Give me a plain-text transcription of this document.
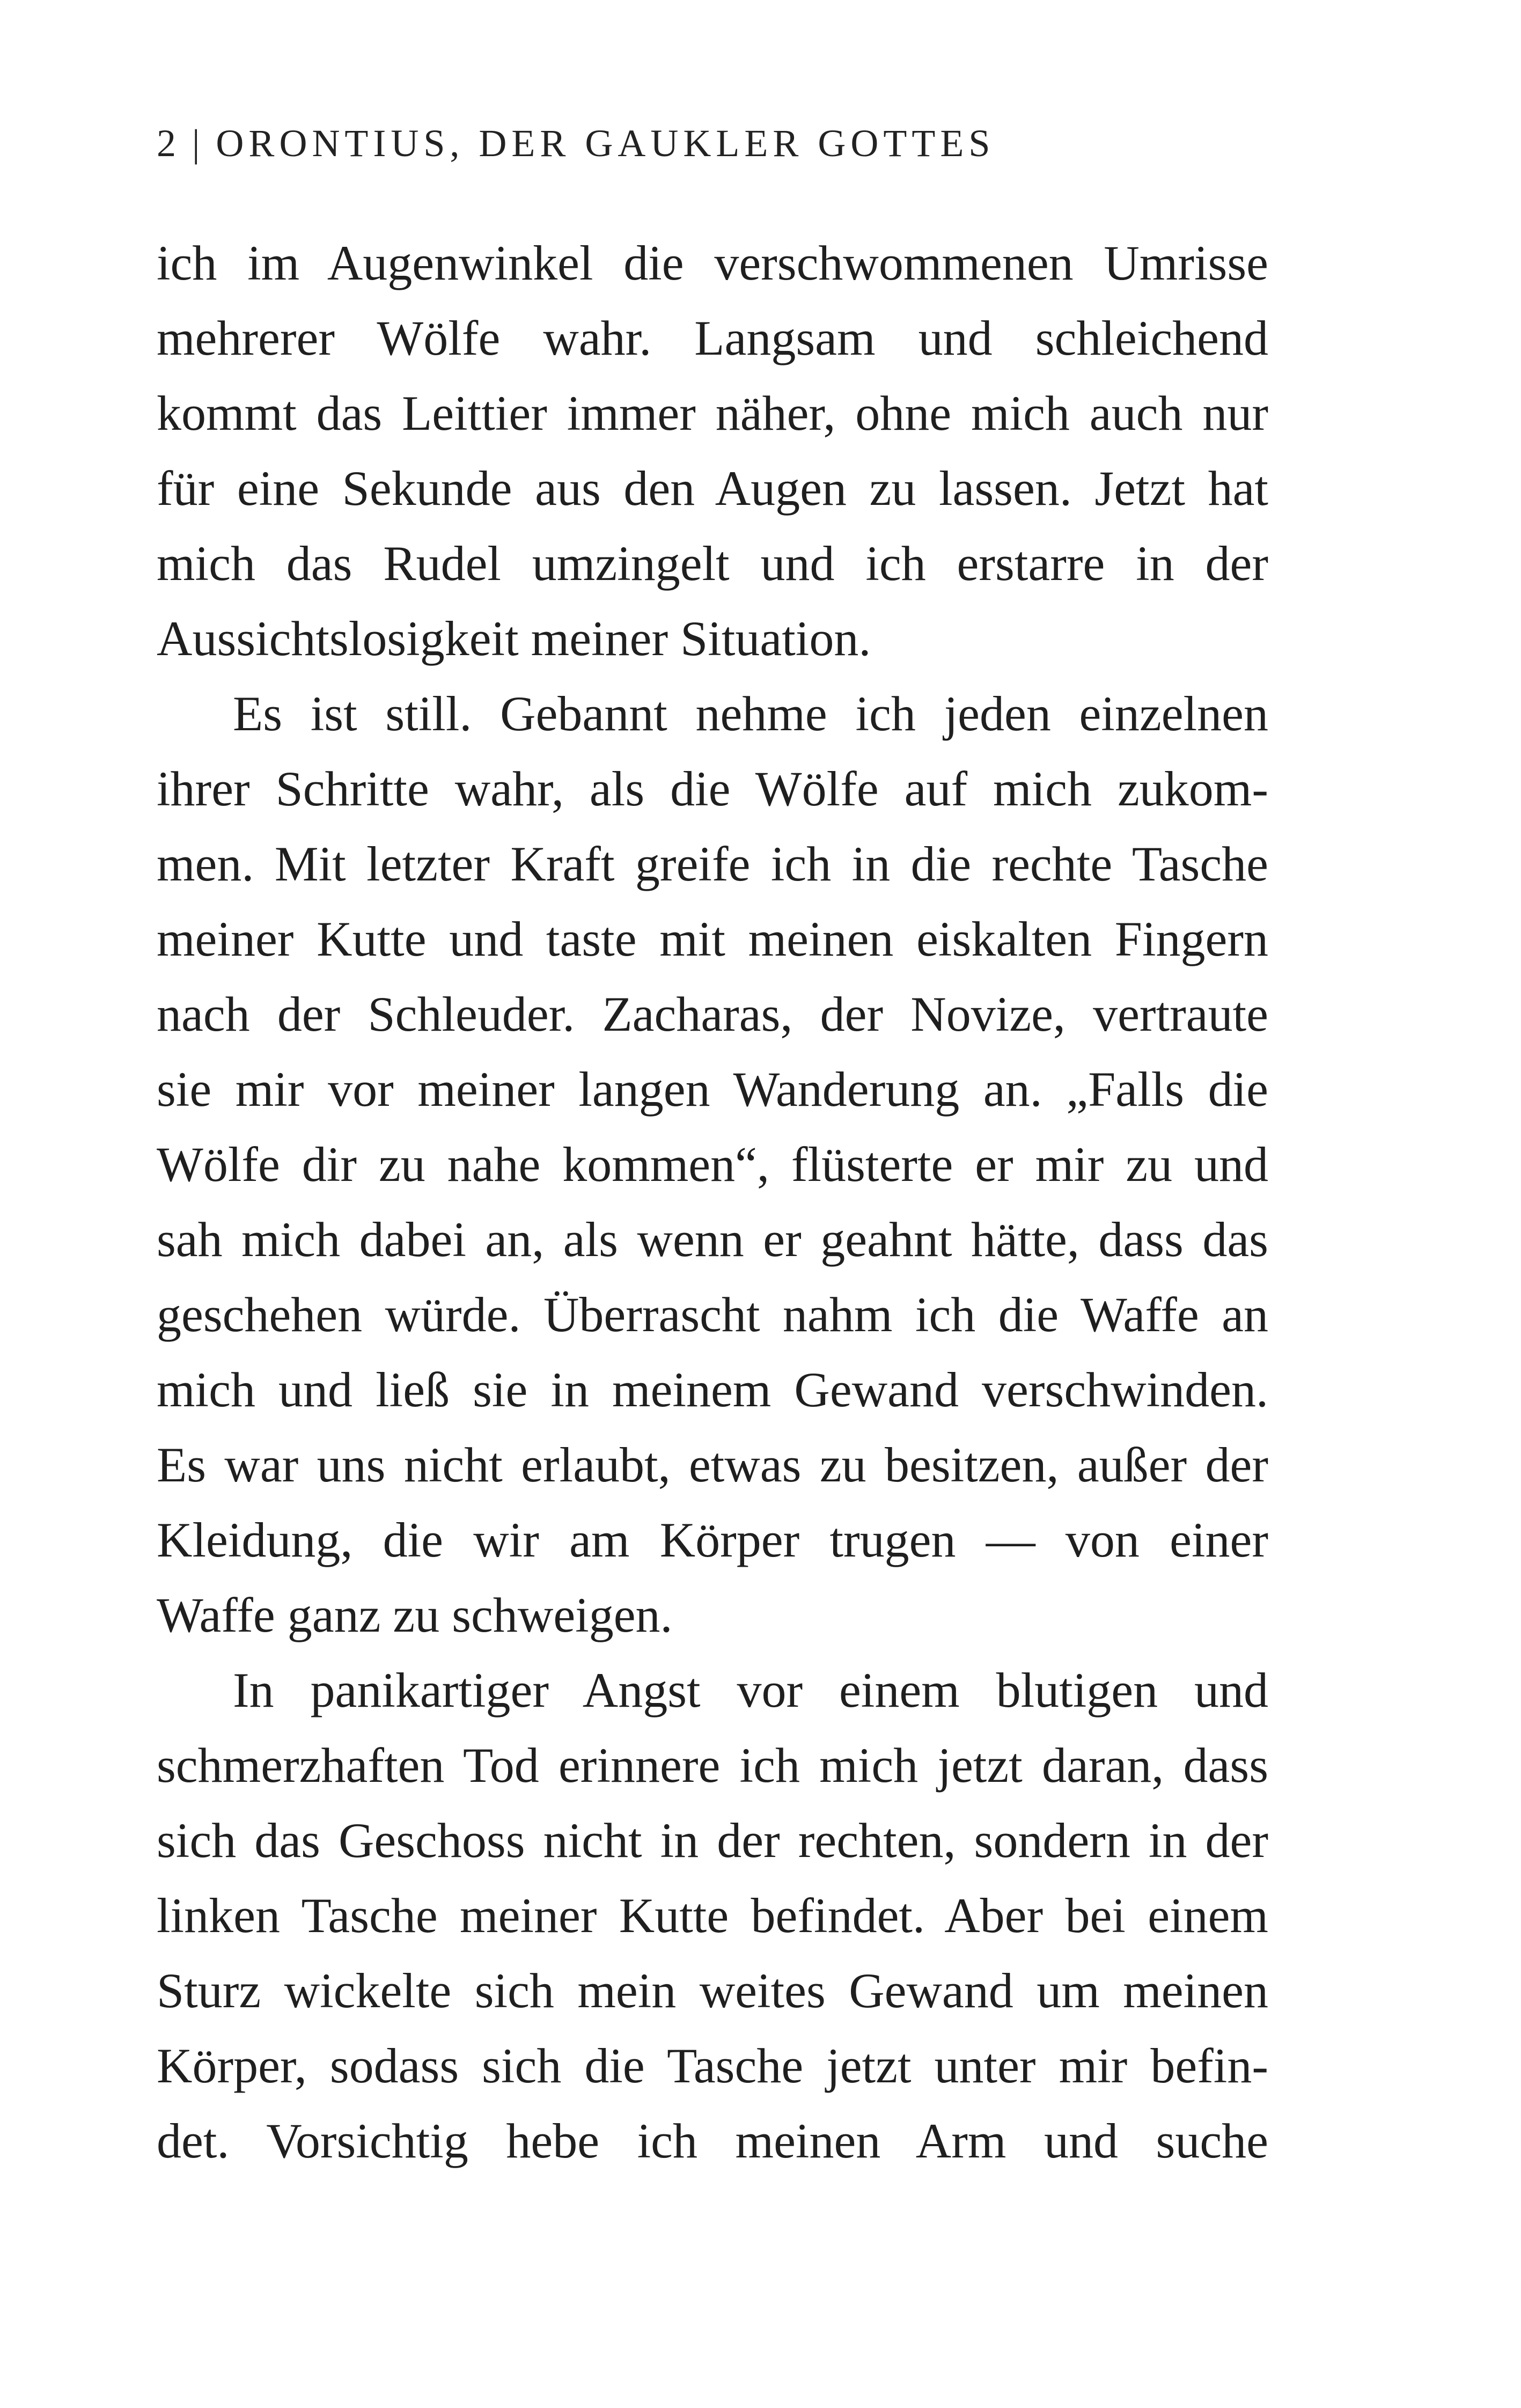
2 | ORONTIUS, DER GAUKLER GOTTES
ich im Augenwinkel die verschwommenen Umrisse
mehrerer Wölfe wahr. Langsam und schleichend
kommt das Leittier immer näher, ohne mich auch nur
für eine Sekunde aus den Augen zu lassen. Jetzt hat
mich das Rudel umzingelt und ich erstarre in der
Aussichtslosigkeit meiner Situation.
Es ist still. Gebannt nehme ich jeden einzelnen
ihrer Schritte wahr, als die Wölfe auf mich zukom-
men. Mit letzter Kraft greife ich in die rechte Tasche
meiner Kutte und taste mit meinen eiskalten Fingern
nach der Schleuder. Zacharas, der Novize, vertraute
sie mir vor meiner langen Wanderung an. „Falls die
Wölfe dir zu nahe kommen“, flüsterte er mir zu und
sah mich dabei an, als wenn er geahnt hätte, dass das
geschehen würde. Überrascht nahm ich die Waffe an
mich und ließ sie in meinem Gewand verschwinden.
Es war uns nicht erlaubt, etwas zu besitzen, außer der
Kleidung, die wir am Körper trugen — von einer
Waffe ganz zu schweigen.
In panikartiger Angst vor einem blutigen und
schmerzhaften Tod erinnere ich mich jetzt daran, dass
sich das Geschoss nicht in der rechten, sondern in der
linken Tasche meiner Kutte befindet. Aber bei einem
Sturz wickelte sich mein weites Gewand um meinen
Körper, sodass sich die Tasche jetzt unter mir befin-
det. Vorsichtig hebe ich meinen Arm und suche
